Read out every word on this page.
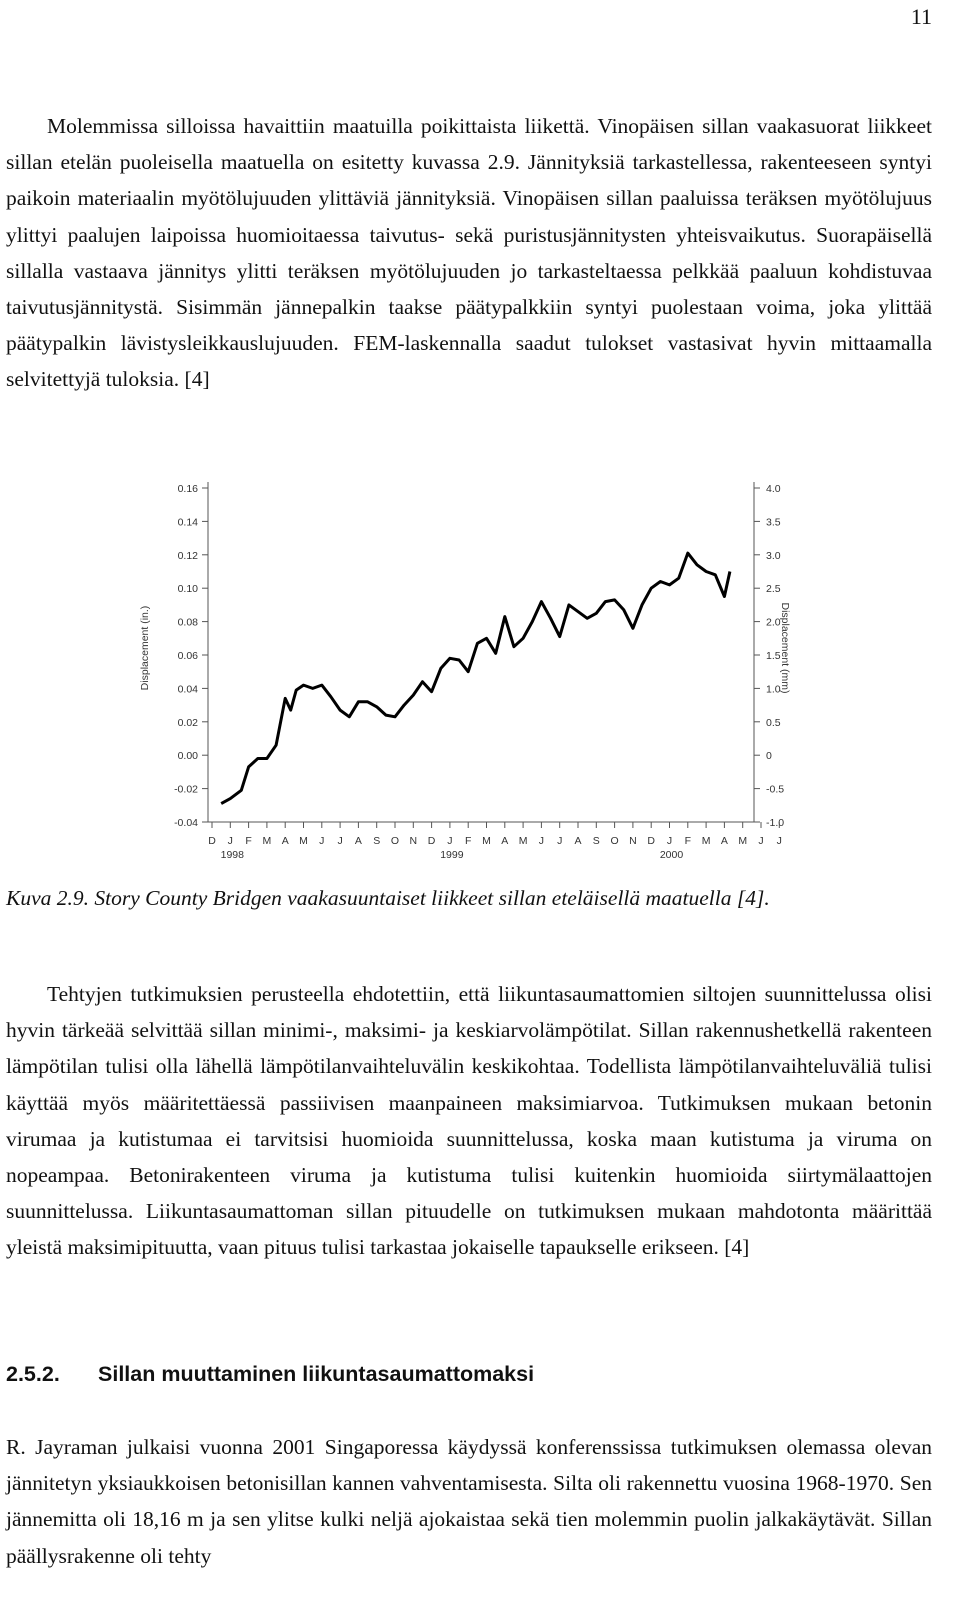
11

Molemmissa silloissa havaittiin maatuilla poikittaista liikettä. Vinopäisen sillan vaakasuorat liikkeet sillan etelän puoleisella maatuella on esitetty kuvassa 2.9. Jännityksiä tarkastellessa, rakenteeseen syntyi paikoin materiaalin myötölujuuden ylittäviä jännityksiä. Vinopäisen sillan paaluissa teräksen myötölujuus ylittyi paalujen laipoissa huomioitaessa taivutus- sekä puristusjännitysten yhteisvaikutus. Suorapäisellä sillalla vastaava jännitys ylitti teräksen myötölujuuden jo tarkasteltaessa pelkkää paaluun kohdistuvaa taivutusjännitystä. Sisimmän jännepalkin taakse päätypalkkiin syntyi puolestaan voima, joka ylittää päätypalkin lävistysleikkauslujuuden. FEM-laskennalla saadut tulokset vastasivat hyvin mittaamalla selvitettyjä tuloksia. [4]

-0.04
-0.02
0.00
0.02
0.04
0.06
0.08
0.10
0.12
0.14
0.16
-1.0
-0.5
0
0.5
1.0
1.5
2.0
2.5
3.0
3.5
4.0
D J F M A M J J A S O N D J F M A M J J A S O N D J F M A M J J
1998	1999	2000
Displacement (in.)	Displacement (mm)

Kuva 2.9. Story County Bridgen vaakasuuntaiset liikkeet sillan eteläisellä maatuella [4].

Tehtyjen tutkimuksien perusteella ehdotettiin, että liikuntasaumattomien siltojen suunnittelussa olisi hyvin tärkeää selvittää sillan minimi-, maksimi- ja keskiarvolämpötilat. Sillan rakennushetkellä rakenteen lämpötilan tulisi olla lähellä lämpötilanvaihteluvälin keskikohtaa. Todellista lämpötilanvaihteluväliä tulisi käyttää myös määritettäessä passiivisen maanpaineen maksimiarvoa. Tutkimuksen mukaan betonin virumaa ja kutistumaa ei tarvitsisi huomioida suunnittelussa, koska maan kutistuma ja viruma on nopeampaa. Betonirakenteen viruma ja kutistuma tulisi kuitenkin huomioida siirtymälaattojen suunnittelussa. Liikuntasaumattoman sillan pituudelle on tutkimuksen mukaan mahdotonta määrittää yleistä maksimipituutta, vaan pituus tulisi tarkastaa jokaiselle tapaukselle erikseen. [4]

2.5.2. Sillan muuttaminen liikuntasaumattomaksi

R. Jayraman julkaisi vuonna 2001 Singaporessa käydyssä konferenssissa tutkimuksen olemassa olevan jännitetyn yksiaukkoisen betonisillan kannen vahventamisesta. Silta oli rakennettu vuosina 1968-1970. Sen jännemitta oli 18,16 m ja sen ylitse kulki neljä ajokaistaa sekä tien molemmin puolin jalkakäytävät. Sillan päällysrakenne oli tehty
